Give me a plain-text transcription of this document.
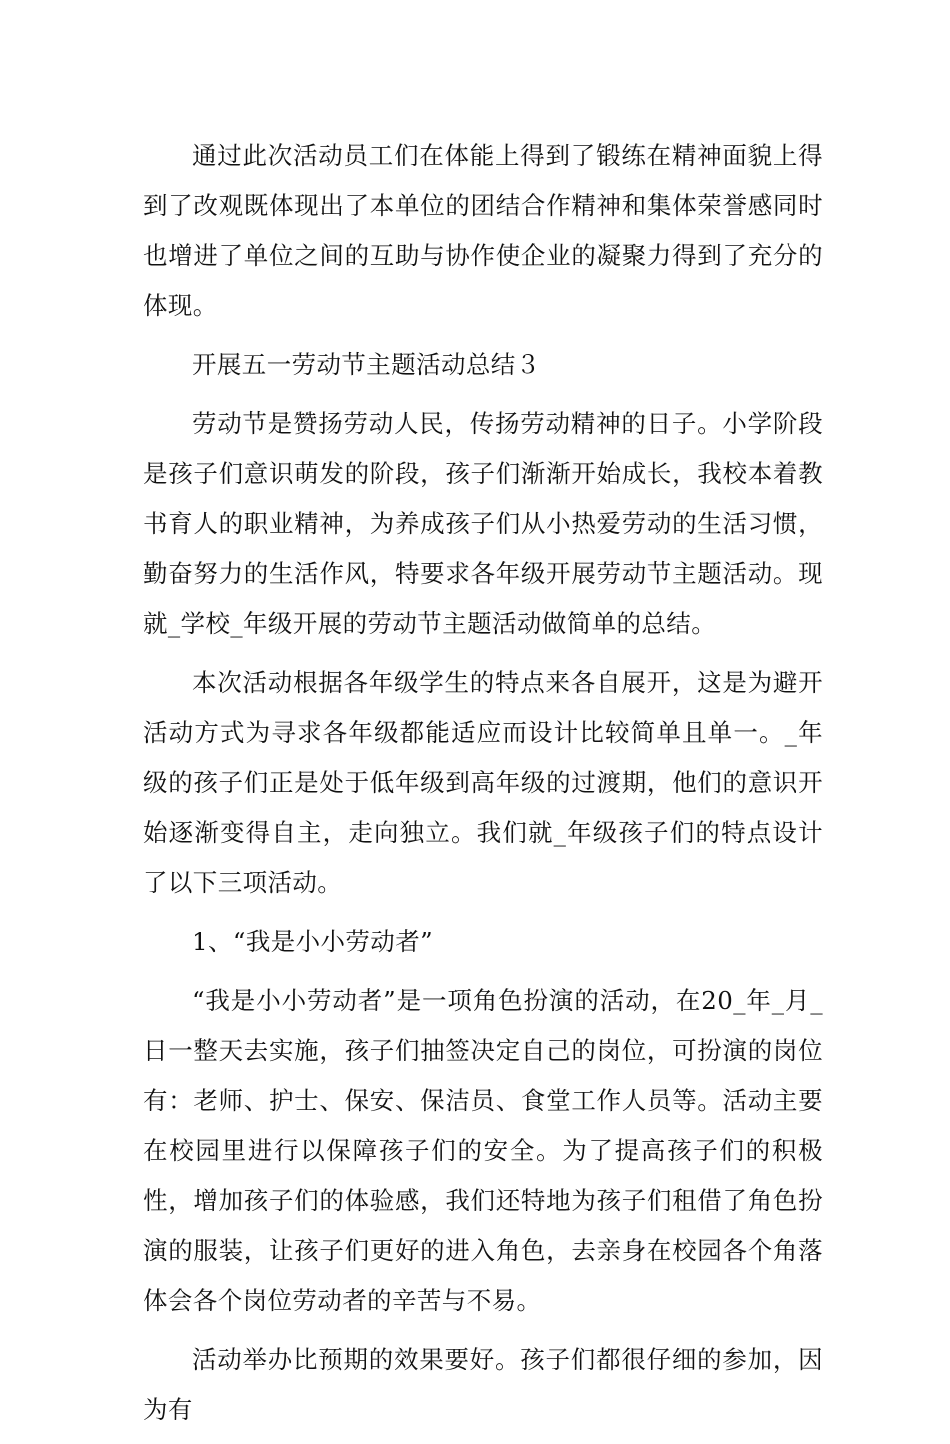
通过此次活动员工们在体能上得到了锻练在精神面貌上得到了改观既体现出了本单位的团结合作精神和集体荣誉感同时也增进了单位之间的互助与协作使企业的凝聚力得到了充分的体现。

开展五一劳动节主题活动总结３

劳动节是赞扬劳动人民，传扬劳动精神的日子。小学阶段是孩子们意识萌发的阶段，孩子们渐渐开始成长，我校本着教书育人的职业精神，为养成孩子们从小热爱劳动的生活习惯，勤奋努力的生活作风，特要求各年级开展劳动节主题活动。现就_学校_年级开展的劳动节主题活动做简单的总结。

本次活动根据各年级学生的特点来各自展开，这是为避开活动方式为寻求各年级都能适应而设计比较简单且单一。_年级的孩子们正是处于低年级到高年级的过渡期，他们的意识开始逐渐变得自主，走向独立。我们就_年级孩子们的特点设计了以下三项活动。

1、“我是小小劳动者”

“我是小小劳动者”是一项角色扮演的活动，在20_年_月_日一整天去实施，孩子们抽签决定自己的岗位，可扮演的岗位有：老师、护士、保安、保洁员、食堂工作人员等。活动主要在校园里进行以保障孩子们的安全。为了提高孩子们的积极性，增加孩子们的体验感，我们还特地为孩子们租借了角色扮演的服装，让孩子们更好的进入角色，去亲身在校园各个角落体会各个岗位劳动者的辛苦与不易。

活动举办比预期的效果要好。孩子们都很仔细的参加，因为有
